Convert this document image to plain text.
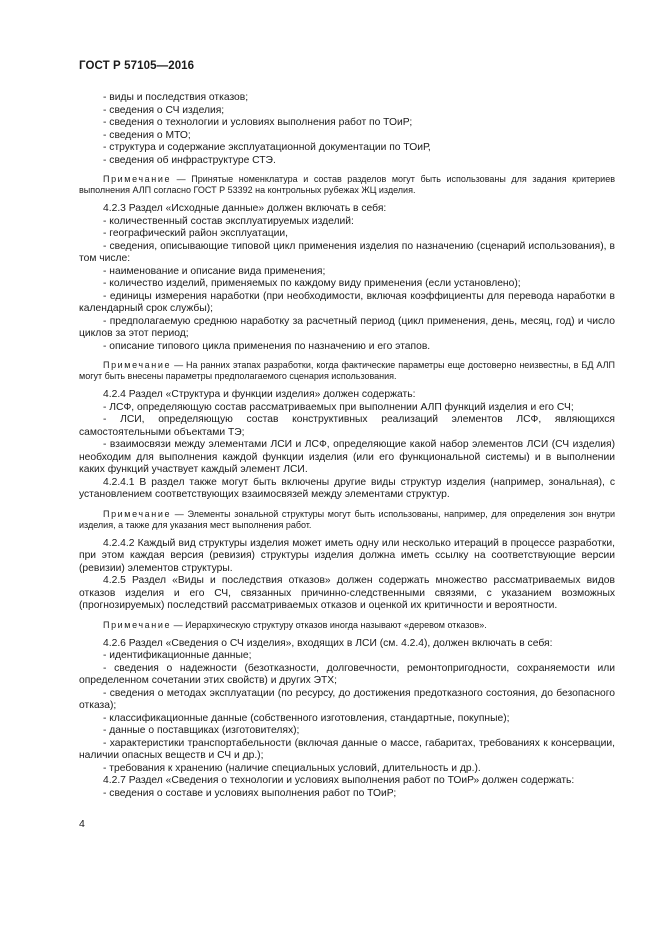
ГОСТ Р 57105—2016

- виды и последствия отказов;

- сведения о СЧ изделия;

- сведения о технологии и условиях выполнения работ по ТОиР;

- сведения о МТО;

- структура и содержание эксплуатационной документации по ТОиР,

- сведения об инфраструктуре СТЭ.

Примечание — Принятые номенклатура и состав разделов могут быть использованы для задания критериев выполнения АЛП согласно ГОСТ Р 53392 на контрольных рубежах ЖЦ изделия.

4.2.3 Раздел «Исходные данные» должен включать в себя:

- количественный состав эксплуатируемых изделий:

- географический район эксплуатации,

- сведения, описывающие типовой цикл применения изделия по назначению (сценарий использования), в том числе:

- наименование и описание вида применения;

- количество изделий, применяемых по каждому виду применения (если установлено);

- единицы измерения наработки (при необходимости, включая коэффициенты для перевода наработки в календарный срок службы);

- предполагаемую среднюю наработку за расчетный период (цикл применения, день, месяц, год) и число циклов за этот период;

- описание типового цикла применения по назначению и его этапов.

Примечание — На ранних этапах разработки, когда фактические параметры еще достоверно неизвестны, в БД АЛП могут быть внесены параметры предполагаемого сценария использования.

4.2.4 Раздел «Структура и функции изделия» должен содержать:

- ЛСФ, определяющую состав рассматриваемых при выполнении АЛП функций изделия и его СЧ;

- ЛСИ, определяющую состав конструктивных реализаций элементов ЛСФ, являющихся самостоятельными объектами ТЭ;

- взаимосвязи между элементами ЛСИ и ЛСФ, определяющие какой набор элементов ЛСИ (СЧ изделия) необходим для выполнения каждой функции изделия (или его функциональной системы) и в выполнении каких функций участвует каждый элемент ЛСИ.

4.2.4.1 В раздел также могут быть включены другие виды структур изделия (например, зональная), с установлением соответствующих взаимосвязей между элементами структур.

Примечание — Элементы зональной структуры могут быть использованы, например, для определения зон внутри изделия, а также для указания мест выполнения работ.

4.2.4.2 Каждый вид структуры изделия может иметь одну или несколько итераций в процессе разработки, при этом каждая версия (ревизия) структуры изделия должна иметь ссылку на соответствующие версии (ревизии) элементов структуры.

4.2.5 Раздел «Виды и последствия отказов» должен содержать множество рассматриваемых видов отказов изделия и его СЧ, связанных причинно-следственными связями, с указанием возможных (прогнозируемых) последствий рассматриваемых отказов и оценкой их критичности и вероятности.

Примечание — Иерархическую структуру отказов иногда называют «деревом отказов».

4.2.6 Раздел «Сведения о СЧ изделия», входящих в ЛСИ (см. 4.2.4), должен включать в себя:

- идентификационные данные;

- сведения о надежности (безотказности, долговечности, ремонтопригодности, сохраняемости или определенном сочетании этих свойств) и других ЭТХ;

- сведения о методах эксплуатации (по ресурсу, до достижения предотказного состояния, до безопасного отказа);

- классификационные данные (собственного изготовления, стандартные, покупные);

- данные о поставщиках (изготовителях);

- характеристики транспортабельности (включая данные о массе, габаритах, требованиях к консервации, наличии опасных веществ и СЧ и др.);

- требования к хранению (наличие специальных условий, длительность и др.).

4.2.7 Раздел «Сведения о технологии и условиях выполнения работ по ТОиР» должен содержать:

- сведения о составе и условиях выполнения работ по ТОиР;

4
